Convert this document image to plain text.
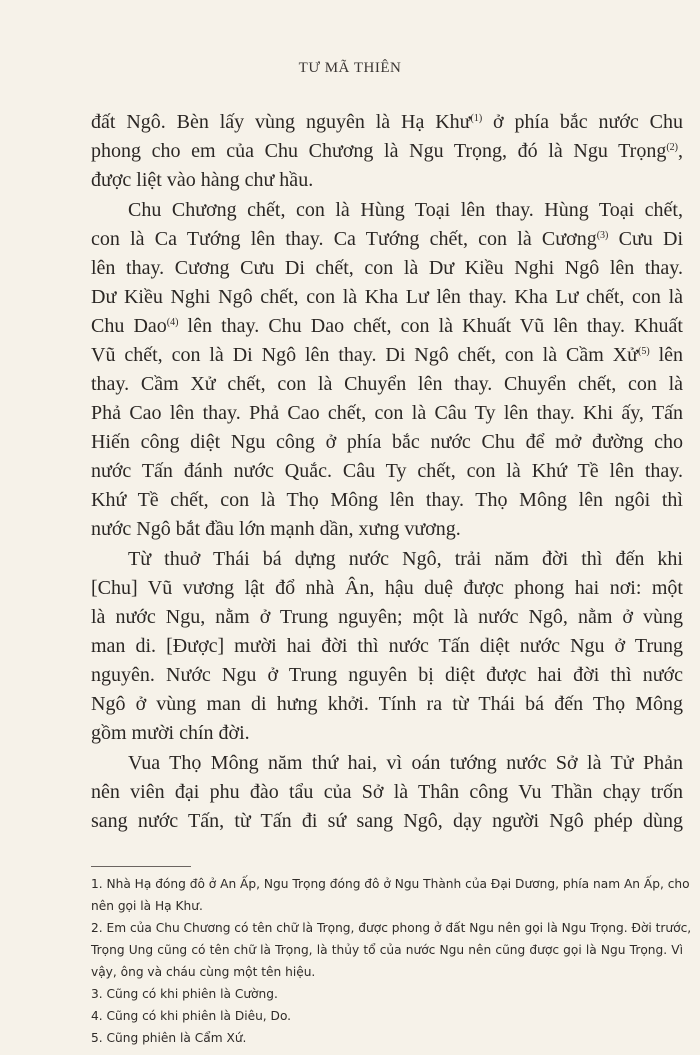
TƯ MÃ THIÊN
đất Ngô. Bèn lấy vùng nguyên là Hạ Khư$^{(1)}$ ở phía bắc nước Chu
phong cho em của Chu Chương là Ngu Trọng, đó là Ngu Trọng$^{(2)}$,
được liệt vào hàng chư hầu.
Chu Chương chết, con là Hùng Toại lên thay. Hùng Toại chết,
con là Ca Tướng lên thay. Ca Tướng chết, con là Cương$^{(3)}$ Cưu Di
lên thay. Cương Cưu Di chết, con là Dư Kiều Nghi Ngô lên thay.
Dư Kiều Nghi Ngô chết, con là Kha Lư lên thay. Kha Lư chết, con là
Chu Dao$^{(4)}$ lên thay. Chu Dao chết, con là Khuất Vũ lên thay. Khuất
Vũ chết, con là Di Ngô lên thay. Di Ngô chết, con là Cầm Xử$^{(5)}$ lên
thay. Cầm Xử chết, con là Chuyển lên thay. Chuyển chết, con là
Phả Cao lên thay. Phả Cao chết, con là Câu Ty lên thay. Khi ấy, Tấn
Hiến công diệt Ngu công ở phía bắc nước Chu để mở đường cho
nước Tấn đánh nước Quắc. Câu Ty chết, con là Khứ Tề lên thay.
Khứ Tề chết, con là Thọ Mông lên thay. Thọ Mông lên ngôi thì
nước Ngô bắt đầu lớn mạnh dần, xưng vương.
Từ thuở Thái bá dựng nước Ngô, trải năm đời thì đến khi
[Chu] Vũ vương lật đổ nhà Ân, hậu duệ được phong hai nơi: một
là nước Ngu, nằm ở Trung nguyên; một là nước Ngô, nằm ở vùng
man di. [Được] mười hai đời thì nước Tấn diệt nước Ngu ở Trung
nguyên. Nước Ngu ở Trung nguyên bị diệt được hai đời thì nước
Ngô ở vùng man di hưng khởi. Tính ra từ Thái bá đến Thọ Mông
gồm mười chín đời.
Vua Thọ Mông năm thứ hai, vì oán tướng nước Sở là Tử Phản
nên viên đại phu đào tẩu của Sở là Thân công Vu Thần chạy trốn
sang nước Tấn, từ Tấn đi sứ sang Ngô, dạy người Ngô phép dùng
1. Nhà Hạ đóng đô ở An Ấp, Ngu Trọng đóng đô ở Ngu Thành của Đại Dương, phía nam An Ấp, cho
nên gọi là Hạ Khư.
2. Em của Chu Chương có tên chữ là Trọng, được phong ở đất Ngu nên gọi là Ngu Trọng. Đời trước,
Trọng Ung cũng có tên chữ là Trọng, là thủy tổ của nước Ngu nên cũng được gọi là Ngu Trọng. Vì
vậy, ông và cháu cùng một tên hiệu.
3. Cũng có khi phiên là Cường.
4. Cũng có khi phiên là Diêu, Do.
5. Cũng phiên là Cẩm Xứ.
